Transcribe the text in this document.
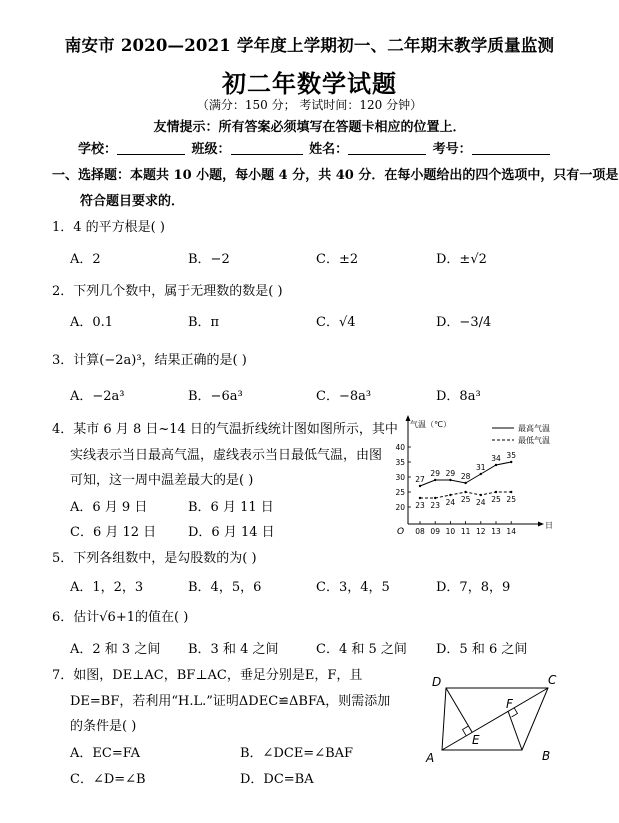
南安市 2020—2021 学年度上学期初一、二年期末教学质量监测
初二年数学试题
（满分：150 分； 考试时间：120 分钟）
友情提示：所有答案必须填写在答题卡相应的位置上．
学校：	班级：	姓名：	考号：
一、选择题：本题共 10 小题，每小题 4 分，共 40 分．在每小题给出的四个选项中，只有一项是
符合题目要求的．
1．4 的平方根是( )
A．2	B．−2	C．±2	D．±√2
2．下列几个数中，属于无理数的数是( )
A．0.1	B．π	C．√4	D．−3/4
3．计算(−2a)³，结果正确的是( )
A．−2a³	B．−6a³	C．−8a³	D．8a³
4．某市 6 月 8 日~14 日的气温折线统计图如图所示，其中
实线表示当日最高气温，虚线表示当日最低气温，由图
可知，这一周中温差最大的是( )
A．6 月 9 日	B．6 月 11 日
C．6 月 12 日 D．6 月 14 日	O
气温（℃）
日
20
25
30
35
40
08 09 10 11 12 13 14
27
29 29 28
31
34 35
最高气温
23 23 24 25 24 25 25
最低气温
5．下列各组数中，是勾股数的为( )
A．1，2，3	B．4，5，6	C．3，4，5	D．7，8，9
6．估计√6+1的值在( )
A．2 和 3 之间 B．3 和 4 之间	C．4 和 5 之间 D．5 和 6 之间
7．如图，DE⊥AC，BF⊥AC，垂足分别是E，F，且
DE=BF，若利用“H.L.”证明ΔDEC≌ΔBFA，则需添加
的条件是( )
A．EC=FA	B．∠DCE=∠BAF
C．∠D=∠B	D．DC=BA
D	C
A	B
E
F
